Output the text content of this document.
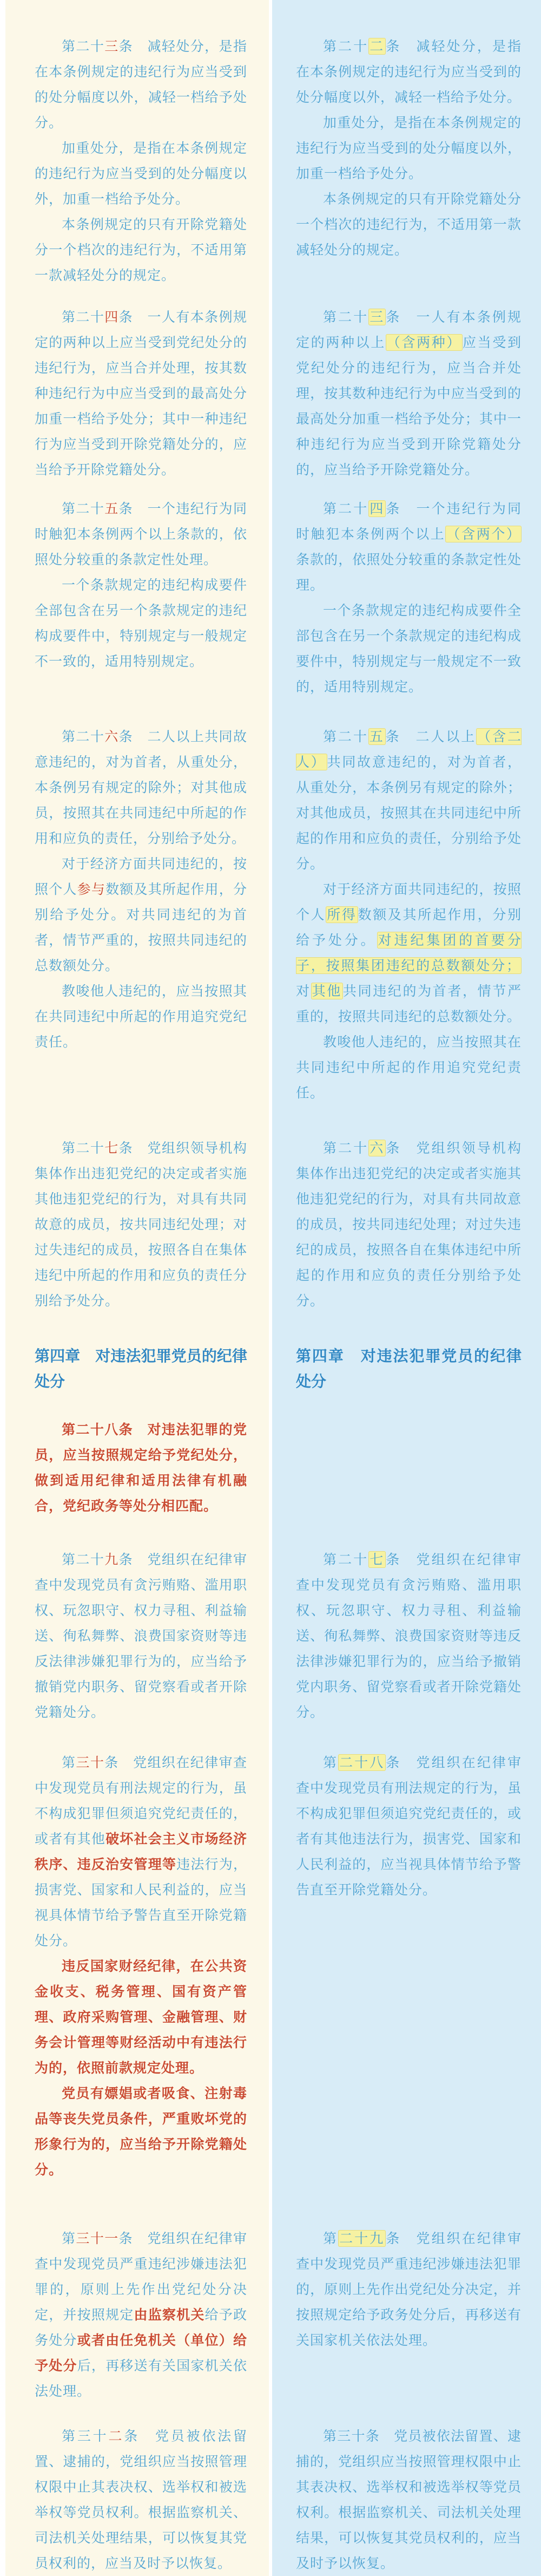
第二十三条　减轻处分，是指在本条例规定的违纪行为应当受到的处分幅度以外，减轻一档给予处分。

加重处分，是指在本条例规定的违纪行为应当受到的处分幅度以外，加重一档给予处分。

本条例规定的只有开除党籍处分一个档次的违纪行为，不适用第一款减轻处分的规定。

第二十二条　减轻处分，是指在本条例规定的违纪行为应当受到的处分幅度以外，减轻一档给予处分。

加重处分，是指在本条例规定的违纪行为应当受到的处分幅度以外，加重一档给予处分。

本条例规定的只有开除党籍处分一个档次的违纪行为，不适用第一款减轻处分的规定。

第二十四条　一人有本条例规定的两种以上应当受到党纪处分的违纪行为，应当合并处理，按其数种违纪行为中应当受到的最高处分加重一档给予处分；其中一种违纪行为应当受到开除党籍处分的，应当给予开除党籍处分。

第二十三条　一人有本条例规定的两种以上（含两种）应当受到党纪处分的违纪行为，应当合并处理，按其数种违纪行为中应当受到的最高处分加重一档给予处分；其中一种违纪行为应当受到开除党籍处分的，应当给予开除党籍处分。

第二十五条　一个违纪行为同时触犯本条例两个以上条款的，依照处分较重的条款定性处理。

一个条款规定的违纪构成要件全部包含在另一个条款规定的违纪构成要件中，特别规定与一般规定不一致的，适用特别规定。

第二十四条　一个违纪行为同时触犯本条例两个以上（含两个）条款的，依照处分较重的条款定性处理。

一个条款规定的违纪构成要件全部包含在另一个条款规定的违纪构成要件中，特别规定与一般规定不一致的，适用特别规定。

第二十六条　二人以上共同故意违纪的，对为首者，从重处分，本条例另有规定的除外；对其他成员，按照其在共同违纪中所起的作用和应负的责任，分别给予处分。

对于经济方面共同违纪的，按照个人参与数额及其所起作用，分别给予处分。对共同违纪的为首者，情节严重的，按照共同违纪的总数额处分。

教唆他人违纪的，应当按照其在共同违纪中所起的作用追究党纪责任。

第二十五条　二人以上（含二人）共同故意违纪的，对为首者，从重处分，本条例另有规定的除外；对其他成员，按照其在共同违纪中所起的作用和应负的责任，分别给予处分。

对于经济方面共同违纪的，按照个人所得数额及其所起作用，分别给予处分。对违纪集团的首要分子，按照集团违纪的总数额处分；对其他共同违纪的为首者，情节严重的，按照共同违纪的总数额处分。

教唆他人违纪的，应当按照其在共同违纪中所起的作用追究党纪责任。

第二十七条　党组织领导机构集体作出违犯党纪的决定或者实施其他违犯党纪的行为，对具有共同故意的成员，按共同违纪处理；对过失违纪的成员，按照各自在集体违纪中所起的作用和应负的责任分别给予处分。

第二十六条　党组织领导机构集体作出违犯党纪的决定或者实施其他违犯党纪的行为，对具有共同故意的成员，按共同违纪处理；对过失违纪的成员，按照各自在集体违纪中所起的作用和应负的责任分别给予处分。

第四章　对违法犯罪党员的纪律处分

第四章　对违法犯罪党员的纪律处分

第二十八条　对违法犯罪的党员，应当按照规定给予党纪处分，做到适用纪律和适用法律有机融合，党纪政务等处分相匹配。

第二十九条　党组织在纪律审查中发现党员有贪污贿赂、滥用职权、玩忽职守、权力寻租、利益输送、徇私舞弊、浪费国家资财等违反法律涉嫌犯罪行为的，应当给予撤销党内职务、留党察看或者开除党籍处分。

第二十七条　党组织在纪律审查中发现党员有贪污贿赂、滥用职权、玩忽职守、权力寻租、利益输送、徇私舞弊、浪费国家资财等违反法律涉嫌犯罪行为的，应当给予撤销党内职务、留党察看或者开除党籍处分。

第三十条　党组织在纪律审查中发现党员有刑法规定的行为，虽不构成犯罪但须追究党纪责任的，或者有其他破坏社会主义市场经济秩序、违反治安管理等违法行为，损害党、国家和人民利益的，应当视具体情节给予警告直至开除党籍处分。

违反国家财经纪律，在公共资金收支、税务管理、国有资产管理、政府采购管理、金融管理、财务会计管理等财经活动中有违法行为的，依照前款规定处理。

党员有嫖娼或者吸食、注射毒品等丧失党员条件，严重败坏党的形象行为的，应当给予开除党籍处分。

第二十八条　党组织在纪律审查中发现党员有刑法规定的行为，虽不构成犯罪但须追究党纪责任的，或者有其他违法行为，损害党、国家和人民利益的，应当视具体情节给予警告直至开除党籍处分。

第三十一条　党组织在纪律审查中发现党员严重违纪涉嫌违法犯罪的，原则上先作出党纪处分决定，并按照规定由监察机关给予政务处分或者由任免机关（单位）给予处分后，再移送有关国家机关依法处理。

第二十九条　党组织在纪律审查中发现党员严重违纪涉嫌违法犯罪的，原则上先作出党纪处分决定，并按照规定给予政务处分后，再移送有关国家机关依法处理。

第三十二条　党员被依法留置、逮捕的，党组织应当按照管理权限中止其表决权、选举权和被选举权等党员权利。根据监察机关、司法机关处理结果，可以恢复其党员权利的，应当及时予以恢复。

第三十条　党员被依法留置、逮捕的，党组织应当按照管理权限中止其表决权、选举权和被选举权等党员权利。根据监察机关、司法机关处理结果，可以恢复其党员权利的，应当及时予以恢复。
